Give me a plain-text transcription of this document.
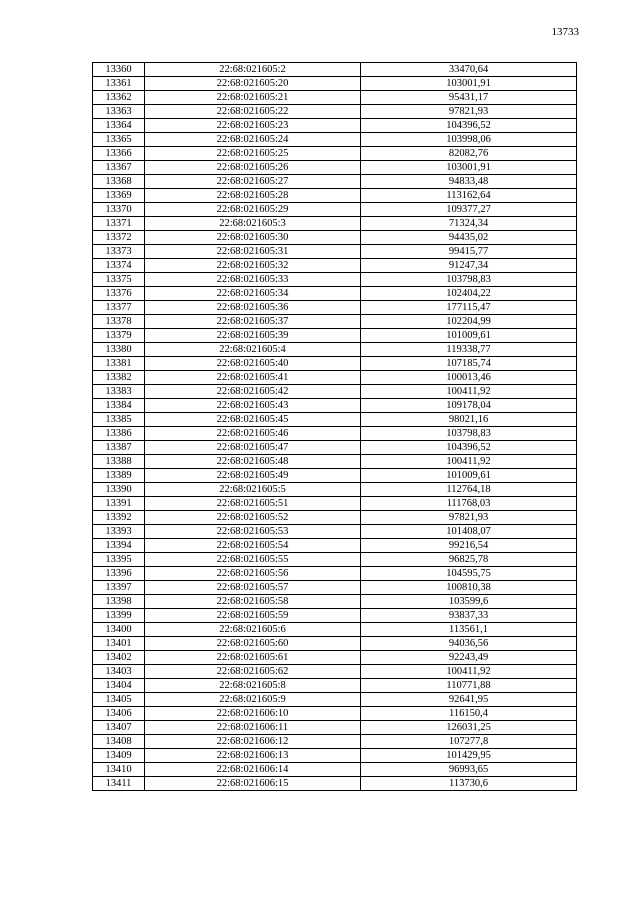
13733
13360	22:68:021605:2	33470,64
13361	22:68:021605:20	103001,91
13362	22:68:021605:21	95431,17
13363	22:68:021605:22	97821,93
13364	22:68:021605:23	104396,52
13365	22:68:021605:24	103998,06
13366	22:68:021605:25	82082,76
13367	22:68:021605:26	103001,91
13368	22:68:021605:27	94833,48
13369	22:68:021605:28	113162,64
13370	22:68:021605:29	109377,27
13371	22:68:021605:3	71324,34
13372	22:68:021605:30	94435,02
13373	22:68:021605:31	99415,77
13374	22:68:021605:32	91247,34
13375	22:68:021605:33	103798,83
13376	22:68:021605:34	102404,22
13377	22:68:021605:36	177115,47
13378	22:68:021605:37	102204,99
13379	22:68:021605:39	101009,61
13380	22:68:021605:4	119338,77
13381	22:68:021605:40	107185,74
13382	22:68:021605:41	100013,46
13383	22:68:021605:42	100411,92
13384	22:68:021605:43	109178,04
13385	22:68:021605:45	98021,16
13386	22:68:021605:46	103798,83
13387	22:68:021605:47	104396,52
13388	22:68:021605:48	100411,92
13389	22:68:021605:49	101009,61
13390	22:68:021605:5	112764,18
13391	22:68:021605:51	111768,03
13392	22:68:021605:52	97821,93
13393	22:68:021605:53	101408,07
13394	22:68:021605:54	99216,54
13395	22:68:021605:55	96825,78
13396	22:68:021605:56	104595,75
13397	22:68:021605:57	100810,38
13398	22:68:021605:58	103599,6
13399	22:68:021605:59	93837,33
13400	22:68:021605:6	113561,1
13401	22:68:021605:60	94036,56
13402	22:68:021605:61	92243,49
13403	22:68:021605:62	100411,92
13404	22:68:021605:8	110771,88
13405	22:68:021605:9	92641,95
13406	22:68:021606:10	116150,4
13407	22:68:021606:11	126031,25
13408	22:68:021606:12	107277,8
13409	22:68:021606:13	101429,95
13410	22:68:021606:14	96993,65
13411	22:68:021606:15	113730,6
